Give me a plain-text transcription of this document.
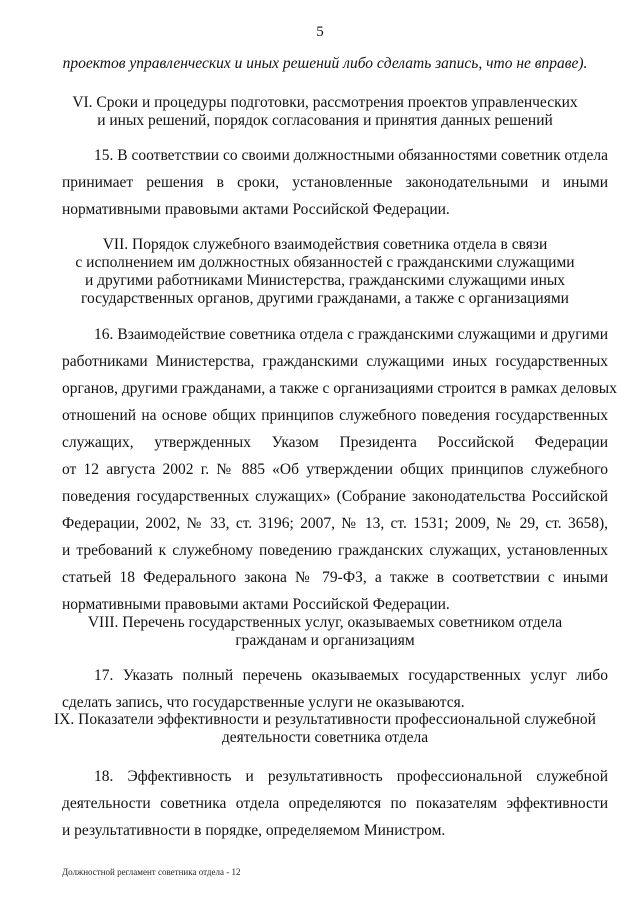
5
проектов управленческих и иных решений либо сделать запись, что не вправе).
VI. Сроки и процедуры подготовки, рассмотрения проектов управленческих
и иных решений, порядок согласования и принятия данных решений
15. В соответствии со своими должностными обязанностями советник отдела
принимает решения в сроки, установленные законодательными и иными
нормативными правовыми актами Российской Федерации.
VII. Порядок служебного взаимодействия советника отдела в связи
с исполнением им должностных обязанностей с гражданскими служащими
и другими работниками Министерства, гражданскими служащими иных
государственных органов, другими гражданами, а также с организациями
16. Взаимодействие советника отдела с гражданскими служащими и другими
работниками Министерства, гражданскими служащими иных государственных
органов, другими гражданами, а также с организациями строится в рамках деловых
отношений на основе общих принципов служебного поведения государственных
служащих, утвержденных Указом Президента Российской Федерации
от 12 августа 2002 г. № 885 «Об утверждении общих принципов служебного
поведения государственных служащих» (Собрание законодательства Российской
Федерации, 2002, № 33, ст. 3196; 2007, № 13, ст. 1531; 2009, № 29, ст. 3658),
и требований к служебному поведению гражданских служащих, установленных
статьей 18 Федерального закона № 79-ФЗ, а также в соответствии с иными
нормативными правовыми актами Российской Федерации.
VIII. Перечень государственных услуг, оказываемых советником отдела
гражданам и организациям
17. Указать полный перечень оказываемых государственных услуг либо
сделать запись, что государственные услуги не оказываются.
IX. Показатели эффективности и результативности профессиональной служебной
деятельности советника отдела
18. Эффективность и результативность профессиональной служебной
деятельности советника отдела определяются по показателям эффективности
и результативности в порядке, определяемом Министром.
Должностной регламент советника отдела - 12
